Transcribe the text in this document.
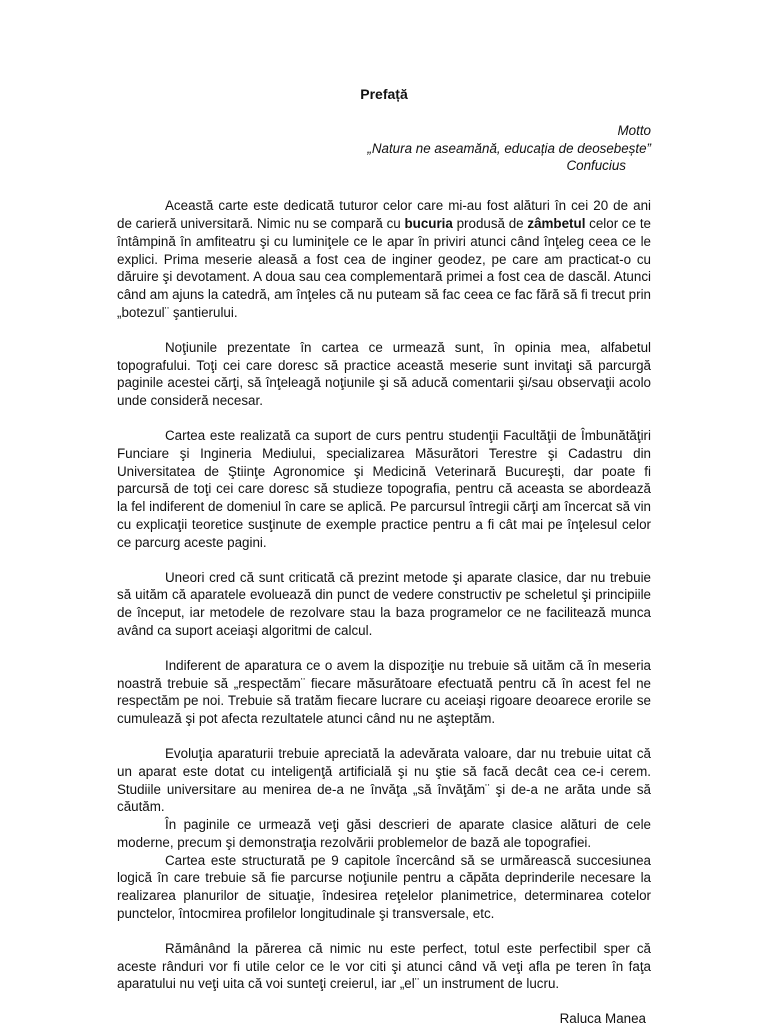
Prefață
Motto
„Natura ne aseamănă, educația de deosebește”
Confucius

Această carte este dedicată tuturor celor care mi-au fost alături în cei 20 de ani de carieră universitară. Nimic nu se compară cu bucuria produsă de zâmbetul celor ce te întâmpină în amfiteatru şi cu luminiţele ce le apar în priviri atunci când înţeleg ceea ce le explici. Prima meserie aleasă a fost cea de inginer geodez, pe care am practicat-o cu dăruire şi devotament. A doua sau cea complementară primei a fost cea de dascăl. Atunci când am ajuns la catedră, am înţeles că nu puteam să fac ceea ce fac fără să fi trecut prin „botezul¨ şantierului.

Noţiunile prezentate în cartea ce urmează sunt, în opinia mea, alfabetul topografului. Toţi cei care doresc să practice această meserie sunt invitaţi să parcurgă paginile acestei cărţi, să înţeleagă noţiunile şi să aducă comentarii şi/sau observaţii acolo unde consideră necesar.

Cartea este realizată ca suport de curs pentru studenţii Facultăţii de Îmbunătăţiri Funciare şi Ingineria Mediului, specializarea Măsurători Terestre şi Cadastru din Universitatea de Ştiinţe Agronomice şi Medicină Veterinară Bucureşti, dar poate fi parcursă de toţi cei care doresc să studieze topografia, pentru că aceasta se abordează la fel indiferent de domeniul în care se aplică. Pe parcursul întregii cărţi am încercat să vin cu explicaţii teoretice susţinute de exemple practice pentru a fi cât mai pe înţelesul celor ce parcurg aceste pagini.

Uneori cred că sunt criticată că prezint metode şi aparate clasice, dar nu trebuie să uităm că aparatele evoluează din punct de vedere constructiv pe scheletul şi principiile de început, iar metodele de rezolvare stau la baza programelor ce ne facilitează munca având ca suport aceiaşi algoritmi de calcul.

Indiferent de aparatura ce o avem la dispoziţie nu trebuie să uităm că în meseria noastră trebuie să „respectăm¨ fiecare măsurătoare efectuată pentru că în acest fel ne respectăm pe noi. Trebuie să tratăm fiecare lucrare cu aceiaşi rigoare deoarece erorile se cumulează şi pot afecta rezultatele atunci când nu ne aşteptăm.

Evoluţia aparaturii trebuie apreciată la adevărata valoare, dar nu trebuie uitat că un aparat este dotat cu inteligenţă artificială şi nu ştie să facă decât cea ce-i cerem. Studiile universitare au menirea de-a ne învăţa „să învăţăm¨ şi de-a ne arăta unde să căutăm.

În paginile ce urmează veţi găsi descrieri de aparate clasice alături de cele moderne, precum şi demonstraţia rezolvării problemelor de bază ale topografiei.

Cartea este structurată pe 9 capitole încercând să se urmărească succesiunea logică în care trebuie să fie parcurse noţiunile pentru a căpăta deprinderile necesare la realizarea planurilor de situaţie, îndesirea reţelelor planimetrice, determinarea cotelor punctelor, întocmirea profilelor longitudinale şi transversale, etc.

Rămânând la părerea că nimic nu este perfect, totul este perfectibil sper că aceste rânduri vor fi utile celor ce le vor citi şi atunci când vă veţi afla pe teren în faţa aparatului nu veţi uita că voi sunteţi creierul, iar „el¨ un instrument de lucru.

Raluca Manea
